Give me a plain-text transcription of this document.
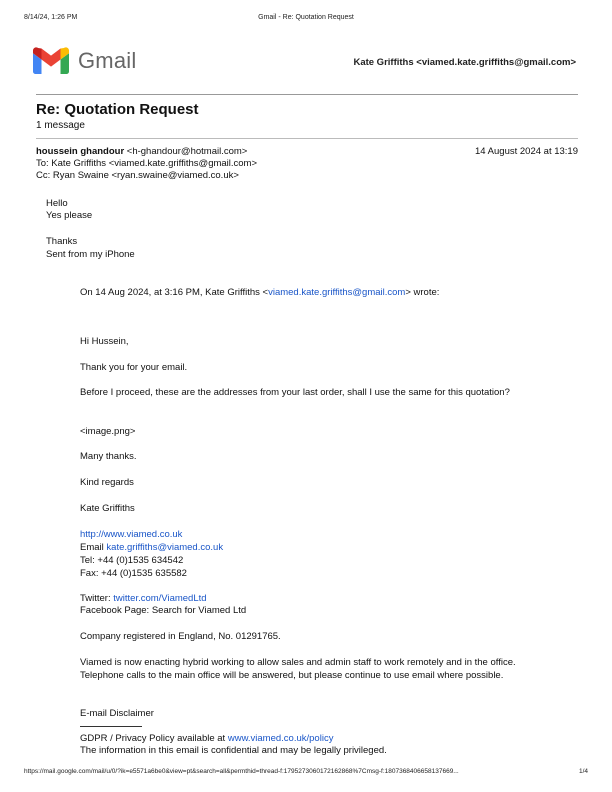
8/14/24, 1:26 PM	Gmail - Re: Quotation Request
Gmail	Kate Griffiths <viamed.kate.griffiths@gmail.com>
Re: Quotation Request
1 message
houssein ghandour <h-ghandour@hotmail.com>	14 August 2024 at 13:19
To: Kate Griffiths <viamed.kate.griffiths@gmail.com>
Cc: Ryan Swaine <ryan.swaine@viamed.co.uk>
Hello
Yes please
Thanks
Sent from my iPhone
On 14 Aug 2024, at 3:16 PM, Kate Griffiths <viamed.kate.griffiths@gmail.com> wrote:
Hi Hussein,
Thank you for your email.
Before I proceed, these are the addresses from your last order, shall I use the same for this quotation?
<image.png>
Many thanks.
Kind regards
Kate Griffiths
http://www.viamed.co.uk
Email kate.griffiths@viamed.co.uk
Tel: +44 (0)1535 634542
Fax: +44 (0)1535 635582
Twitter: twitter.com/ViamedLtd
Facebook Page: Search for Viamed Ltd
Company registered in England, No. 01291765.
Viamed is now enacting hybrid working to allow sales and admin staff to work remotely and in the office. Telephone calls to the main office will be answered, but please continue to use email where possible.
E-mail Disclaimer
GDPR / Privacy Policy available at www.viamed.co.uk/policy
The information in this email is confidential and may be legally privileged.
https://mail.google.com/mail/u/0/?ik=e5571a6be0&view=pt&search=all&permthid=thread-f:1795273060172162868%7Cmsg-f:1807368406658137669...	1/4
